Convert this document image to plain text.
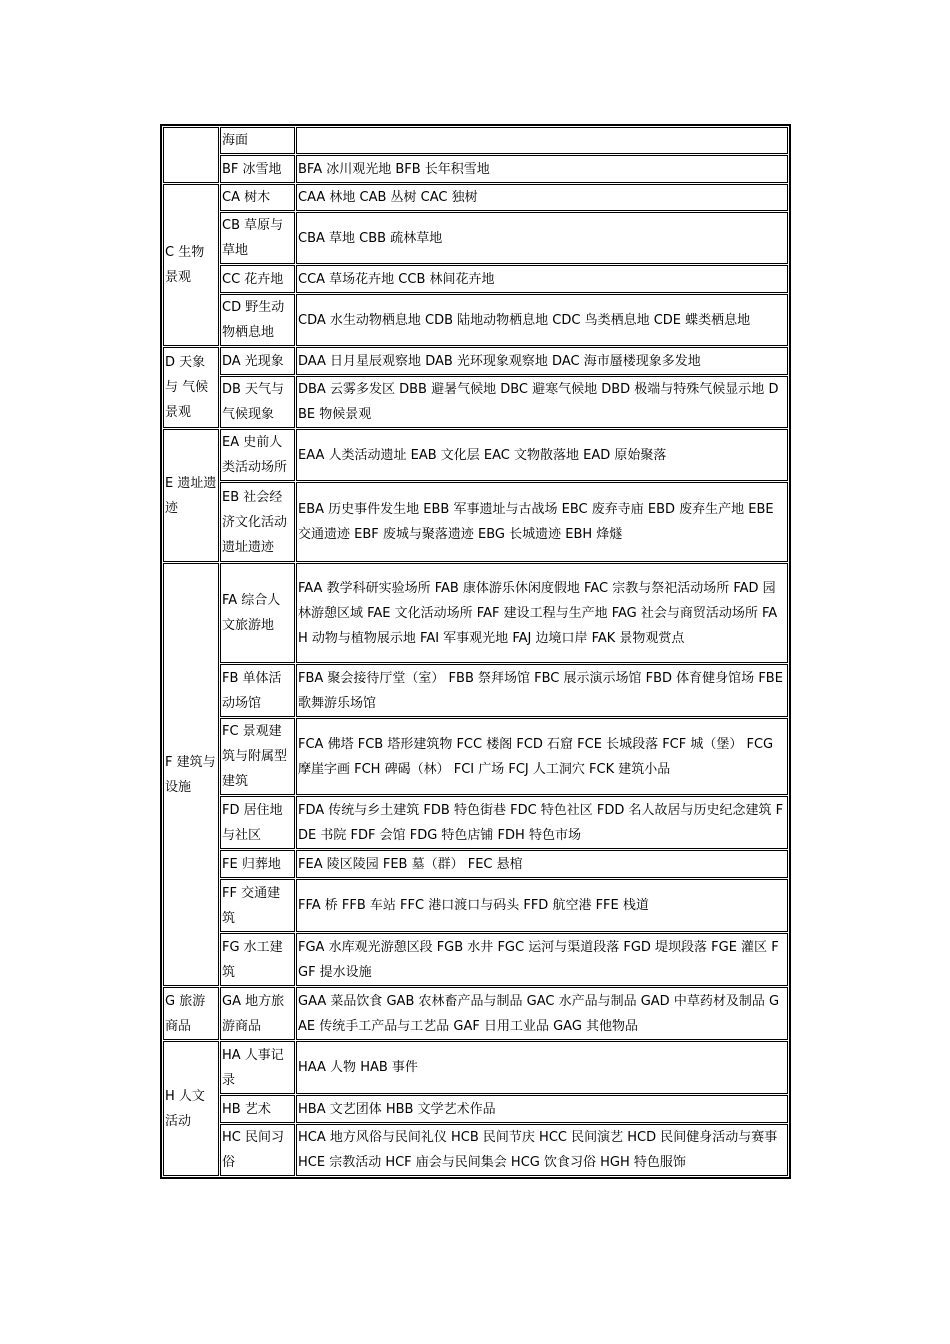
	海面	
	BF 冰雪地	BFA 冰川观光地 BFB 长年积雪地
C 生物景观	CA 树木	CAA 林地 CAB 丛树 CAC 独树
	CB 草原与草地	CBA 草地 CBB 疏林草地
	CC 花卉地	CCA 草场花卉地 CCB 林间花卉地
	CD 野生动物栖息地	CDA 水生动物栖息地 CDB 陆地动物栖息地 CDC 鸟类栖息地 CDE 蝶类栖息地
D 天象与 气候景观	DA 光现象	DAA 日月星辰观察地 DAB 光环现象观察地 DAC 海市蜃楼现象多发地
	DB 天气与气候现象	DBA 云雾多发区 DBB 避暑气候地 DBC 避寒气候地 DBD 极端与特殊气候显示地 DBE 物候景观
E 遗址遗迹	EA 史前人类活动场所	EAA 人类活动遗址 EAB 文化层 EAC 文物散落地 EAD 原始聚落
	EB 社会经济文化活动遗址遗迹	EBA 历史事件发生地 EBB 军事遗址与古战场 EBC 废弃寺庙 EBD 废弃生产地 EBE 交通遗迹 EBF 废城与聚落遗迹 EBG 长城遗迹 EBH 烽燧
F 建筑与设施	FA 综合人文旅游地	FAA 教学科研实验场所 FAB 康体游乐休闲度假地 FAC 宗教与祭祀活动场所 FAD 园林游憩区域 FAE 文化活动场所 FAF 建设工程与生产地 FAG 社会与商贸活动场所 FAH 动物与植物展示地 FAI 军事观光地 FAJ 边境口岸 FAK 景物观赏点
	FB 单体活动场馆	FBA 聚会接待厅堂（室） FBB 祭拜场馆 FBC 展示演示场馆 FBD 体育健身馆场 FBE 歌舞游乐场馆
	FC 景观建筑与附属型建筑	FCA 佛塔 FCB 塔形建筑物 FCC 楼阁 FCD 石窟 FCE 长城段落 FCF 城（堡） FCG 摩崖字画 FCH 碑碣（林） FCI 广场 FCJ 人工洞穴 FCK 建筑小品
	FD 居住地与社区	FDA 传统与乡土建筑 FDB 特色街巷 FDC 特色社区 FDD 名人故居与历史纪念建筑 FDE 书院 FDF 会馆 FDG 特色店铺 FDH 特色市场
	FE 归葬地	FEA 陵区陵园 FEB 墓（群） FEC 悬棺
	FF 交通建筑	FFA 桥 FFB 车站 FFC 港口渡口与码头 FFD 航空港 FFE 栈道
	FG 水工建筑	FGA 水库观光游憩区段 FGB 水井 FGC 运河与渠道段落 FGD 堤坝段落 FGE 灌区 FGF 提水设施
G 旅游商品	GA 地方旅游商品	GAA 菜品饮食 GAB 农林畜产品与制品 GAC 水产品与制品 GAD 中草药材及制品 GAE 传统手工产品与工艺品 GAF 日用工业品 GAG 其他物品
H 人文活动	HA 人事记录	HAA 人物 HAB 事件
	HB 艺术	HBA 文艺团体 HBB 文学艺术作品
	HC 民间习俗	HCA 地方风俗与民间礼仪 HCB 民间节庆 HCC 民间演艺 HCD 民间健身活动与赛事 HCE 宗教活动 HCF 庙会与民间集会 HCG 饮食习俗 HGH 特色服饰
